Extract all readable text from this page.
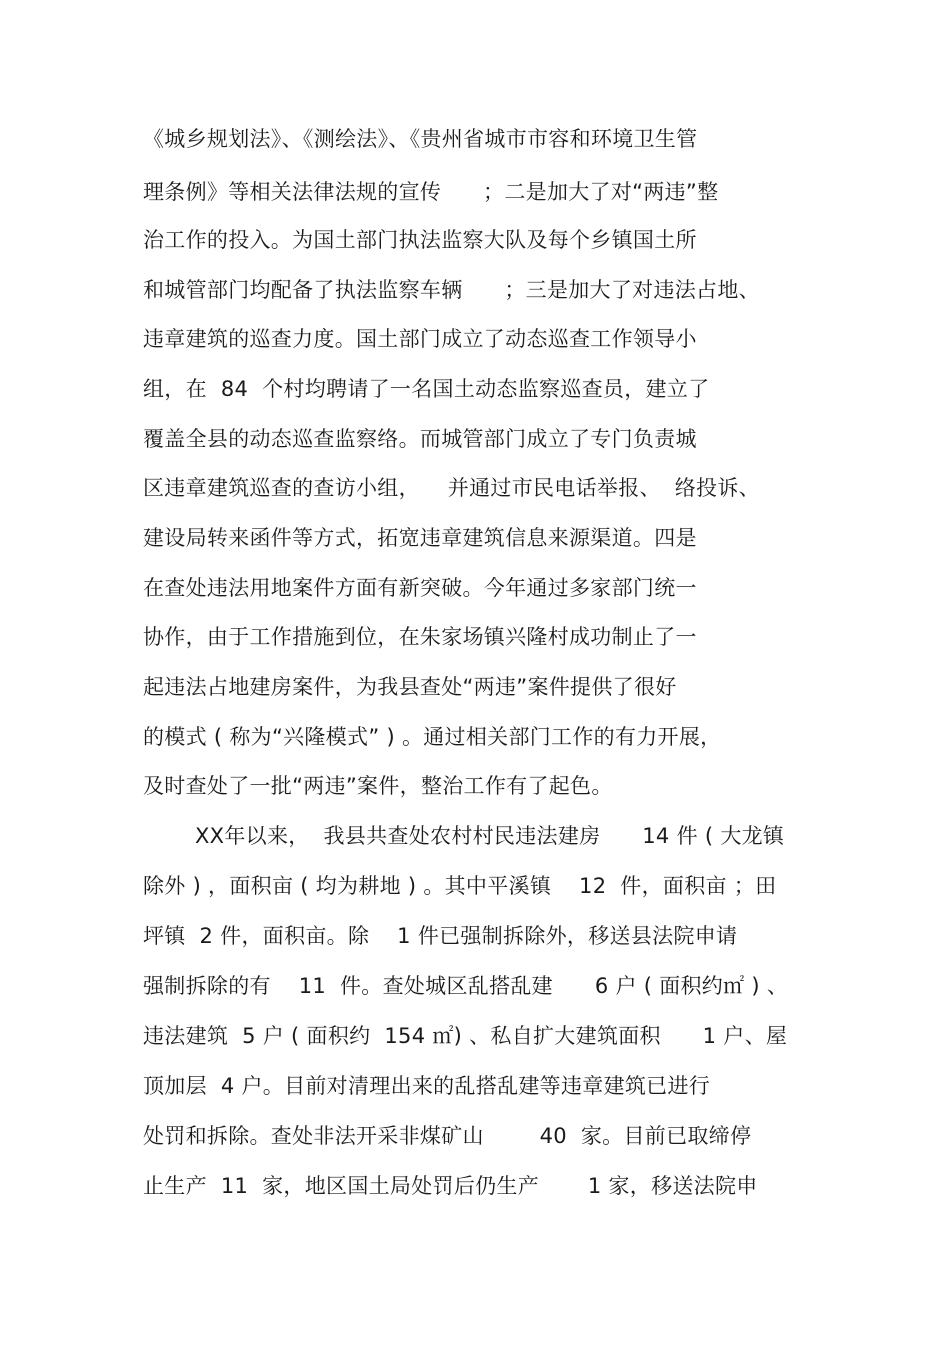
《城乡规划法》、《测绘法》、《贵州省城市市容和环境卫生管
理条例》等相关法律法规的宣传      ；二是加大了对“两违”整
治工作的投入。为国土部门执法监察大队及每个乡镇国土所
和城管部门均配备了执法监察车辆      ；三是加大了对违法占地、
违章建筑的巡查力度。国土部门成立了动态巡查工作领导小
组，在  84  个村均聘请了一名国土动态监察巡查员，建立了
覆盖全县的动态巡查监察络。而城管部门成立了专门负责城
区违章建筑巡查的查访小组，    并通过市民电话举报、  络投诉、
建设局转来函件等方式，拓宽违章建筑信息来源渠道。四是
在查处违法用地案件方面有新突破。今年通过多家部门统一
协作，由于工作措施到位，在朱家场镇兴隆村成功制止了一
起违法占地建房案件，为我县查处“两违”案件提供了很好
的模式 ( 称为“兴隆模式” ) 。通过相关部门工作的有力开展，
及时查处了一批“两违”案件，整治工作有了起色。
XX年以来，  我县共查处农村村民违法建房      14 件 ( 大龙镇
除外 ) ，面积亩 ( 均为耕地 ) 。其中平溪镇    12  件，面积亩 ；田
坪镇  2 件，面积亩。除    1 件已强制拆除外，移送县法院申请
强制拆除的有    11  件。查处城区乱搭乱建      6 户 ( 面积约㎡ ) 、
违法建筑  5 户 ( 面积约  154 ㎡) 、私自扩大建筑面积      1 户、屋
顶加层  4 户。目前对清理出来的乱搭乱建等违章建筑已进行
处罚和拆除。查处非法开采非煤矿山        40  家。目前已取缔停
止生产  11  家，地区国土局处罚后仍生产       1 家，移送法院申
